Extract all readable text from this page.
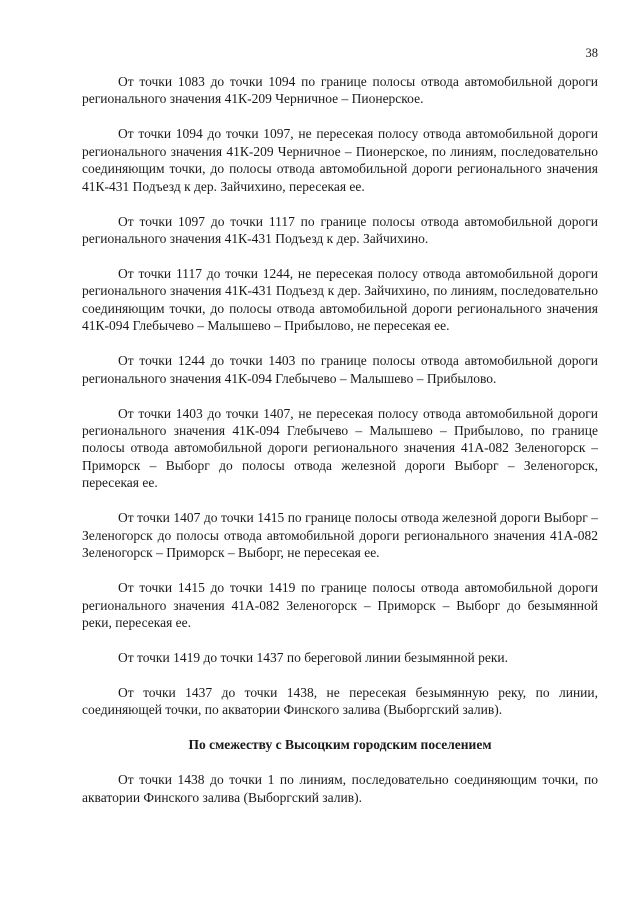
38

От точки 1083 до точки 1094 по границе полосы отвода автомобильной дороги регионального значения 41К-209 Черничное – Пионерское.

От точки 1094 до точки 1097, не пересекая полосу отвода автомобильной дороги регионального значения 41К-209 Черничное – Пионерское, по линиям, последовательно соединяющим точки, до полосы отвода автомобильной дороги регионального значения 41К-431 Подъезд к дер. Зайчихино, пересекая ее.

От точки 1097 до точки 1117 по границе полосы отвода автомобильной дороги регионального значения 41К-431 Подъезд к дер. Зайчихино.

От точки 1117 до точки 1244, не пересекая полосу отвода автомобильной дороги регионального значения 41К-431 Подъезд к дер. Зайчихино, по линиям, последовательно соединяющим точки, до полосы отвода автомобильной дороги регионального значения 41К-094 Глебычево – Малышево – Прибылово, не пересекая ее.

От точки 1244 до точки 1403 по границе полосы отвода автомобильной дороги регионального значения 41К-094 Глебычево – Малышево – Прибылово.

От точки 1403 до точки 1407, не пересекая полосу отвода автомобильной дороги регионального значения 41К-094 Глебычево – Малышево – Прибылово, по границе полосы отвода автомобильной дороги регионального значения 41А-082 Зеленогорск – Приморск – Выборг до полосы отвода железной дороги Выборг – Зеленогорск, пересекая ее.

От точки 1407 до точки 1415 по границе полосы отвода железной дороги Выборг – Зеленогорск до полосы отвода автомобильной дороги регионального значения 41А-082 Зеленогорск – Приморск – Выборг, не пересекая ее.

От точки 1415 до точки 1419 по границе полосы отвода автомобильной дороги регионального значения 41А-082 Зеленогорск – Приморск – Выборг до безымянной реки, пересекая ее.

От точки 1419 до точки 1437 по береговой линии безымянной реки.

От точки 1437 до точки 1438, не пересекая безымянную реку, по линии, соединяющей точки, по акватории Финского залива (Выборгский залив).

По смежеству с Высоцким городским поселением

От точки 1438 до точки 1 по линиям, последовательно соединяющим точки, по акватории Финского залива (Выборгский залив).
